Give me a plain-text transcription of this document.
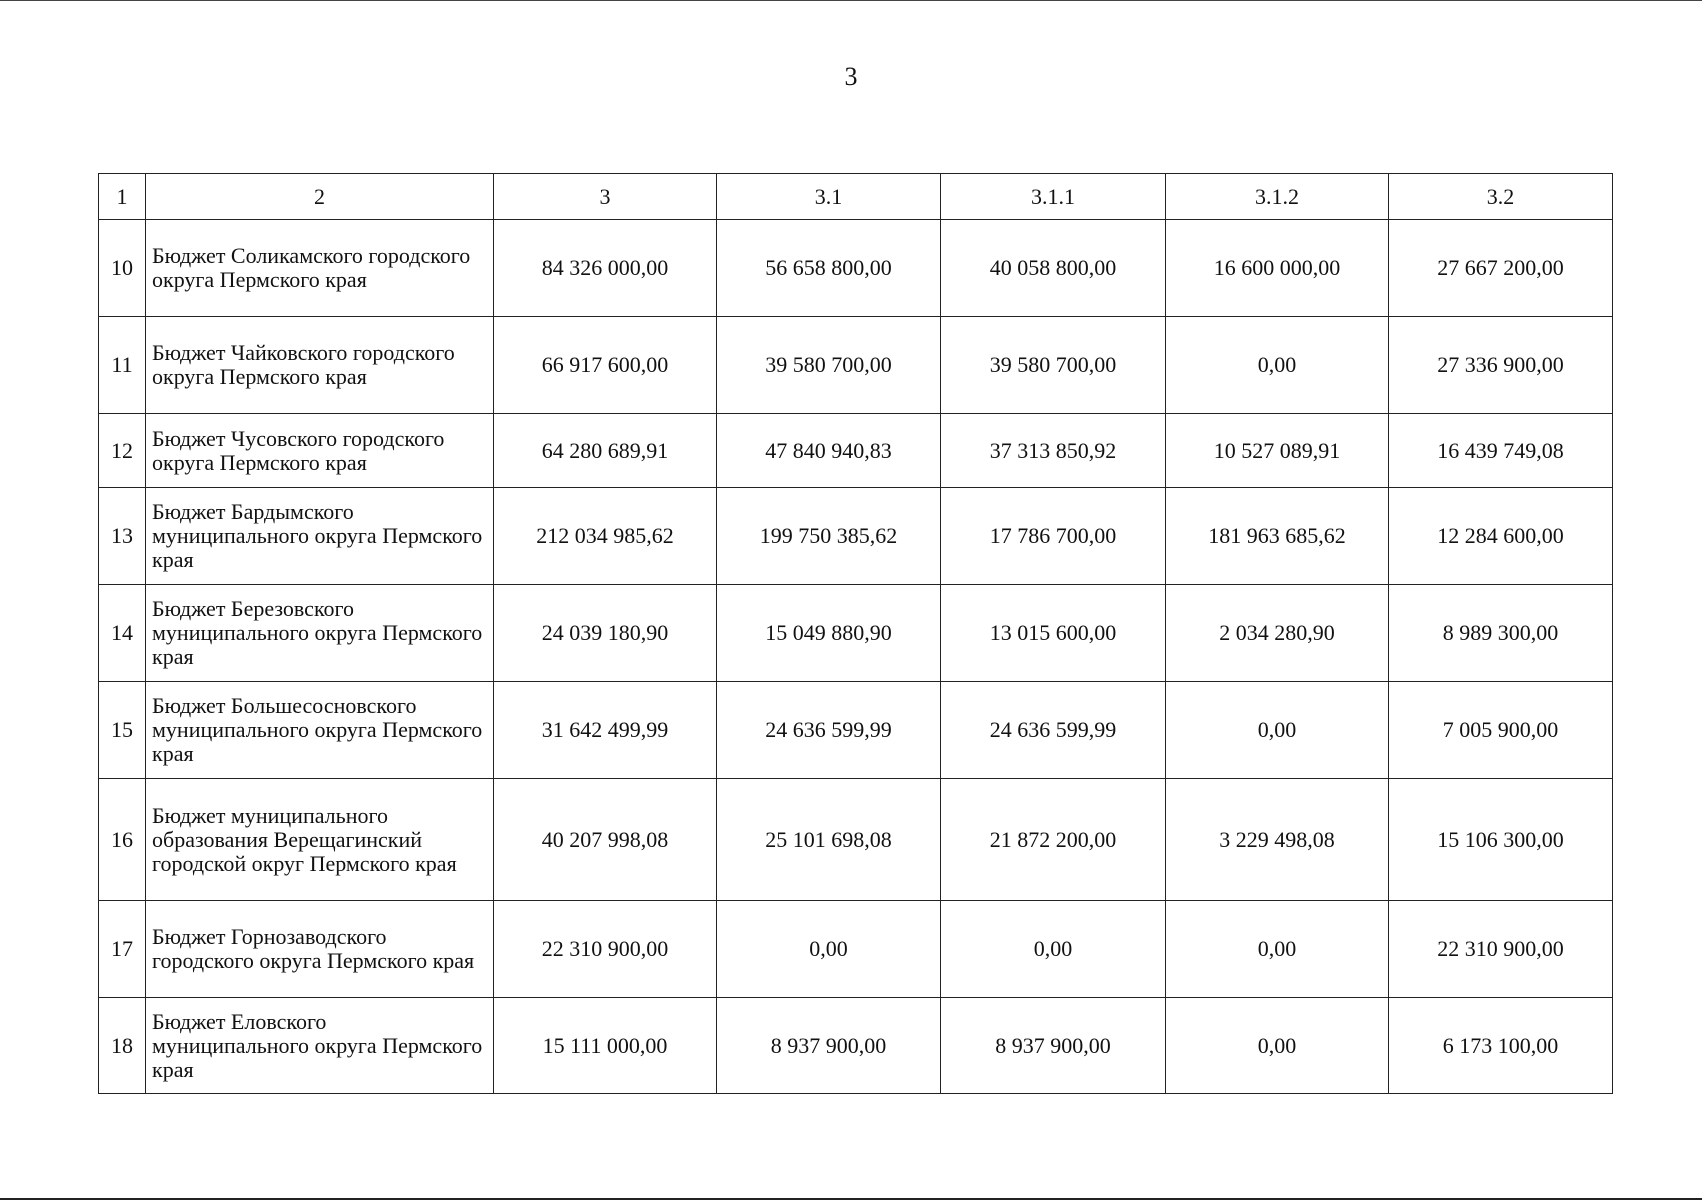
3
1	2	3	3.1	3.1.1	3.1.2	3.2
10	Бюджет Соликамского городского округа Пермского края	84 326 000,00	56 658 800,00	40 058 800,00	16 600 000,00	27 667 200,00
11	Бюджет Чайковского городского округа Пермского края	66 917 600,00	39 580 700,00	39 580 700,00	0,00	27 336 900,00
12	Бюджет Чусовского городского округа Пермского края	64 280 689,91	47 840 940,83	37 313 850,92	10 527 089,91	16 439 749,08
13	Бюджет Бардымского муниципального округа Пермского края	212 034 985,62	199 750 385,62	17 786 700,00	181 963 685,62	12 284 600,00
14	Бюджет Березовского муниципального округа Пермского края	24 039 180,90	15 049 880,90	13 015 600,00	2 034 280,90	8 989 300,00
15	Бюджет Большесосновского муниципального округа Пермского края	31 642 499,99	24 636 599,99	24 636 599,99	0,00	7 005 900,00
16	Бюджет муниципального образования Верещагинский городской округ Пермского края	40 207 998,08	25 101 698,08	21 872 200,00	3 229 498,08	15 106 300,00
17	Бюджет Горнозаводского городского округа Пермского края	22 310 900,00	0,00	0,00	0,00	22 310 900,00
18	Бюджет Еловского муниципального округа Пермского края	15 111 000,00	8 937 900,00	8 937 900,00	0,00	6 173 100,00
